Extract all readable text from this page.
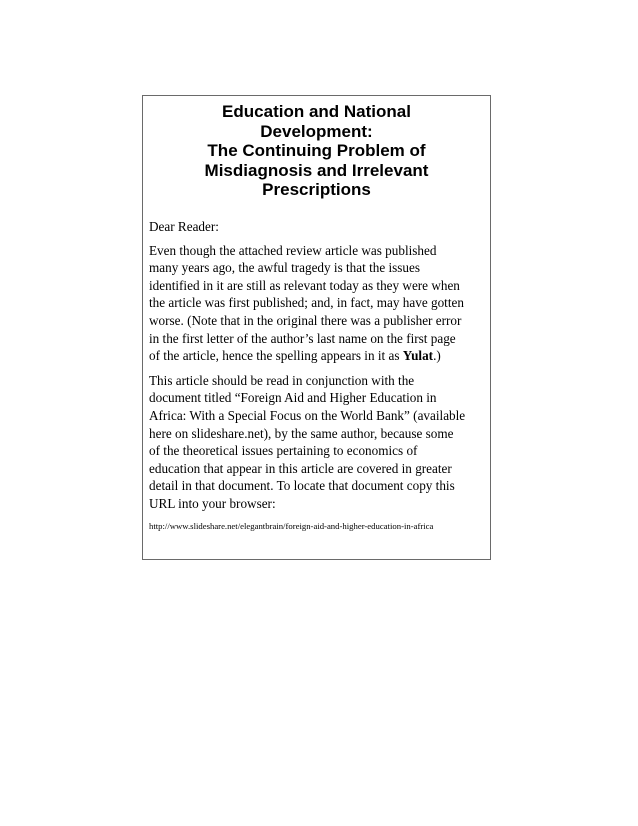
Education and National
Development:
The Continuing Problem of
Misdiagnosis and Irrelevant
Prescriptions
Dear Reader:
Even though the attached review article was published
many years ago, the awful tragedy is that the issues
identified in it are still as relevant today as they were when
the article was first published; and, in fact, may have gotten
worse. (Note that in the original there was a publisher error
in the first letter of the author’s last name on the first page
of the article, hence the spelling appears in it as Yulat.)
This article should be read in conjunction with the
document titled “Foreign Aid and Higher Education in
Africa: With a Special Focus on the World Bank” (available
here on slideshare.net), by the same author, because some
of the theoretical issues pertaining to economics of
education that appear in this article are covered in greater
detail in that document. To locate that document copy this
URL into your browser:
http://www.slideshare.net/elegantbrain/foreign-aid-and-higher-education-in-africa
